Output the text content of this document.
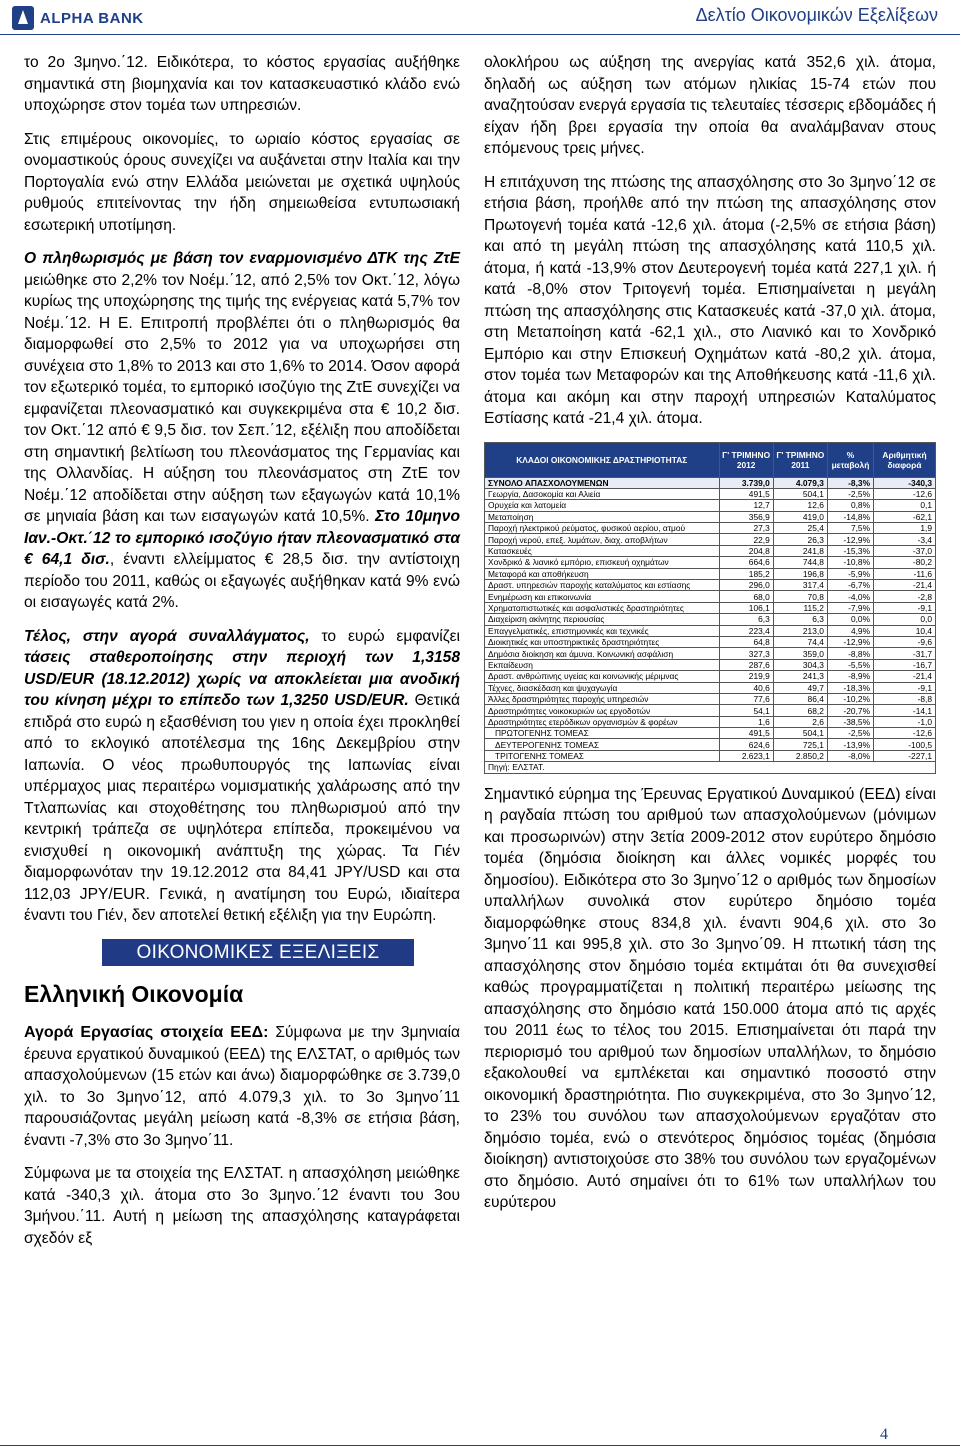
ALPHA BANK	Δελτίο Οικονομικών Εξελίξεων

το 2ο 3μηνο.΄12. Ειδικότερα, το κόστος εργασίας αυξήθηκε σημαντικά στη βιομηχανία και τον κατασκευαστικό κλάδο ενώ υποχώρησε στον τομέα των υπηρεσιών.

Στις επιμέρους οικονομίες, το ωριαίο κόστος εργασίας σε ονομαστικούς όρους συνεχίζει να αυξάνεται στην Ιταλία και την Πορτογαλία ενώ στην Ελλάδα μειώνεται με σχετικά υψηλούς ρυθμούς επιτείνοντας την ήδη σημειωθείσα εντυπωσιακή εσωτερική υποτίμηση.

Ο πληθωρισμός με βάση τον εναρμονισμένο ΔΤΚ της ΖτΕ μειώθηκε στο 2,2% τον Νοέμ.΄12, από 2,5% τον Οκτ.΄12, λόγω κυρίως της υποχώρησης της τιμής της ενέργειας κατά 5,7% τον Νοέμ.΄12. Η Ε. Επιτροπή προβλέπει ότι ο πληθωρισμός θα διαμορφωθεί στο 2,5% το 2012 για να υποχωρήσει στη συνέχεια στο 1,8% το 2013 και στο 1,6% το 2014. Όσον αφορά τον εξωτερικό τομέα, το εμπορικό ισοζύγιο της ΖτΕ συνεχίζει να εμφανίζεται πλεονασματικό και συγκεκριμένα στα € 10,2 δισ. τον Οκτ.΄12 από € 9,5 δισ. τον Σεπ.΄12, εξέλιξη που αποδίδεται στη σημαντική βελτίωση του πλεονάσματος της Γερμανίας και της Ολλανδίας. Η αύξηση του πλεονάσματος στη ΖτΕ τον Νοέμ.΄12 αποδίδεται στην αύξηση των εξαγωγών κατά 10,1% σε μηνιαία βάση και των εισαγωγών κατά 10,5%. Στο 10μηνο Ιαν.-Οκτ.΄12 το εμπορικό ισοζύγιο ήταν πλεονασματικό στα € 64,1 δισ., έναντι ελλείμματος € 28,5 δισ. την αντίστοιχη περίοδο του 2011, καθώς οι εξαγωγές αυξήθηκαν κατά 9% ενώ οι εισαγωγές κατά 2%.

Τέλος, στην αγορά συναλλάγματος, το ευρώ εμφανίζει τάσεις σταθεροποίησης στην περιοχή των 1,3158 USD/EUR (18.12.2012) χωρίς να αποκλείεται μια ανοδική του κίνηση μέχρι το επίπεδο των 1,3250 USD/EUR. Θετικά επιδρά στο ευρώ η εξασθένιση του γιεν η οποία έχει προκληθεί από το εκλογικό αποτέλεσμα της 16ης Δεκεμβρίου στην Ιαπωνία. Ο νέος πρωθυπουργός της Ιαπωνίας είναι υπέρμαχος μιας περαιτέρω νομισματικής χαλάρωσης από την Ττλαπωνίας και στοχοθέτησης του πληθωρισμού από την κεντρική τράπεζα σε υψηλότερα επίπεδα, προκειμένου να ενισχυθεί η οικονομική ανάπτυξη της χώρας. Τα Γιέν διαμορφωνόταν την 19.12.2012 στα 84,41 JPY/USD και στα 112,03 JPY/EUR. Γενικά, η ανατίμηση του Ευρώ, ιδιαίτερα έναντι του Γιέν, δεν αποτελεί θετική εξέλιξη για την Ευρώπη.

ΟΙΚΟΝΟΜΙΚΕΣ ΕΞΕΛΙΞΕΙΣ
Ελληνική Οικονομία

Αγορά Εργασίας στοιχεία ΕΕΔ: Σύμφωνα με την 3μηνιαία έρευνα εργατικού δυναμικού (ΕΕΔ) της ΕΛΣΤΑΤ, ο αριθμός των απασχολούμενων (15 ετών και άνω) διαμορφώθηκε σε 3.739,0 χιλ. το 3ο 3μηνο΄12, από 4.079,3 χιλ. το 3ο 3μηνο΄11 παρουσιάζοντας μεγάλη μείωση κατά -8,3% σε ετήσια βάση, έναντι -7,3% στο 3ο 3μηνο΄11.

Σύμφωνα με τα στοιχεία της ΕΛΣΤΑΤ. η απασχόληση μειώθηκε κατά -340,3 χιλ. άτομα στο 3ο 3μηνο.΄12 έναντι του 3ου 3μήνου.΄11. Αυτή η μείωση της απασχόλησης καταγράφεται σχεδόν εξ

ολοκλήρου ως αύξηση της ανεργίας κατά 352,6 χιλ. άτομα, δηλαδή ως αύξηση των ατόμων ηλικίας 15-74 ετών που αναζητούσαν ενεργά εργασία τις τελευταίες τέσσερις εβδομάδες ή είχαν ήδη βρει εργασία την οποία θα αναλάμβαναν στους επόμενους τρεις μήνες.

Η επιτάχυνση της πτώσης της απασχόλησης στο 3ο 3μηνο΄12 σε ετήσια βάση, προήλθε από την πτώση της απασχόλησης στον Πρωτογενή τομέα κατά -12,6 χιλ. άτομα (-2,5% σε ετήσια βάση) και από τη μεγάλη πτώση της απασχόλησης κατά 110,5 χιλ. άτομα, ή κατά -13,9% στον Δευτερογενή τομέα κατά 227,1 χιλ. ή κατά -8,0% στον Τριτογενή τομέα. Επισημαίνεται η μεγάλη πτώση της απασχόλησης στις Κατασκευές κατά -37,0 χιλ. άτομα, στη Μεταποίηση κατά -62,1 χιλ., στο Λιανικό και το Χονδρικό Εμπόριο και στην Επισκευή Οχημάτων κατά -80,2 χιλ. άτομα, στον τομέα των Μεταφορών και της Αποθήκευσης κατά -11,6 χιλ. άτομα και ακόμη και στην παροχή υπηρεσιών Καταλύματος Εστίασης κατά -21,4 χιλ. άτομα.

ΚΛΑΔΟΙ ΟΙΚΟΝΟΜΙΚΗΣ ΔΡΑΣΤΗΡΙΟΤΗΤΑΣ	Γ' ΤΡΙΜΗΝΟ 2012	Γ' ΤΡΙΜΗΝΟ 2011	% μεταβολή	Αριθμητική διαφορά
ΣΥΝΟΛΟ ΑΠΑΣΧΟΛΟΥΜΕΝΩΝ	3.739,0	4.079,3	-8,3%	-340,3
Γεωργία, Δασοκομία και Αλιεία	491,5	504,1	-2,5%	-12,6
Ορυχεία και λατομεία	12,7	12,6	0,8%	0,1
Μεταποίηση	356,9	419,0	-14,8%	-62,1
Παροχή ηλεκτρικού ρεύματος, φυσικού αερίου, ατμού	27,3	25,4	7,5%	1,9
Παροχή νερού, επεξ. λυμάτων, διαχ. αποβλήτων	22,9	26,3	-12,9%	-3,4
Κατασκευές	204,8	241,8	-15,3%	-37,0
Χονδρικό & λιανικό εμπόριο, επισκευή οχημάτων	664,6	744,8	-10,8%	-80,2
Μεταφορά και αποθήκευση	185,2	196,8	-5,9%	-11,6
Δραστ. υπηρεσιών παροχής καταλύματος και εστίασης	296,0	317,4	-6,7%	-21,4
Ενημέρωση και επικοινωνία	68,0	70,8	-4,0%	-2,8
Χρηματοπιστωτικές και ασφαλιστικές δραστηριότητες	106,1	115,2	-7,9%	-9,1
Διαχείριση ακίνητης περιουσίας	6,3	6,3	0,0%	0,0
Επαγγελματικές, επιστημονικές και τεχνικές	223,4	213,0	4,9%	10,4
Διοικητικές και υποστηρικτικές δραστηριότητες	64,8	74,4	-12,9%	-9,6
Δημόσια διοίκηση και άμυνα. Κοινωνική ασφάλιση	327,3	359,0	-8,8%	-31,7
Εκπαίδευση	287,6	304,3	-5,5%	-16,7
Δραστ. ανθρώπινης υγείας και κοινωνικής μέριμνας	219,9	241,3	-8,9%	-21,4
Τέχνες, διασκέδαση και ψυχαγωγία	40,6	49,7	-18,3%	-9,1
Άλλες δραστηριότητες παροχής υπηρεσιών	77,6	86,4	-10,2%	-8,8
Δραστηριότητες νοικοκυριών ως εργοδοτών	54,1	68,2	-20,7%	-14,1
Δραστηριότητες ετερόδικων οργανισμών & φορέων	1,6	2,6	-38,5%	-1,0
ΠΡΩΤΟΓΕΝΗΣ ΤΟΜΕΑΣ	491,5	504,1	-2,5%	-12,6
ΔΕΥΤΕΡΟΓΕΝΗΣ ΤΟΜΕΑΣ	624,6	725,1	-13,9%	-100,5
ΤΡΙΤΟΓΕΝΗΣ ΤΟΜΕΑΣ	2.623,1	2.850,2	-8,0%	-227,1
Πηγή: ΕΛΣΤΑΤ.				

Σημαντικό εύρημα της Έρευνας Εργατικού Δυναμικού (ΕΕΔ) είναι η ραγδαία πτώση του αριθμού των απασχολούμενων (μόνιμων και προσωρινών) στην 3ετία 2009-2012 στον ευρύτερο δημόσιο τομέα (δημόσια διοίκηση και άλλες νομικές μορφές του δημοσίου). Ειδικότερα στο 3ο 3μηνο΄12 ο αριθμός των δημοσίων υπαλλήλων συνολικά στον ευρύτερο δημόσιο τομέα διαμορφώθηκε στους 834,8 χιλ. έναντι 904,6 χιλ. στο 3ο 3μηνο΄11 και 995,8 χιλ. στο 3ο 3μηνο΄09. Η πτωτική τάση της απασχόλησης στον δημόσιο τομέα εκτιμάται ότι θα συνεχισθεί καθώς προγραμματίζεται η πολιτική περαιτέρω μείωσης της απασχόλησης στο δημόσιο κατά 150.000 άτομα από τις αρχές του 2011 έως το τέλος του 2015. Επισημαίνεται ότι παρά την περιορισμό του αριθμού των δημοσίων υπαλλήλων, το δημόσιο εξακολουθεί να εμπλέκεται και σημαντικό ποσοστό στην οικονομική δραστηριότητα. Πιο συγκεκριμένα, στο 3ο 3μηνο΄12, το 23% του συνόλου των απασχολούμενων εργαζόταν στο δημόσιο τομέα, ενώ ο στενότερος δημόσιος τομέας (δημόσια διοίκηση) αντιστοιχούσε στο 38% του συνόλου των εργαζομένων στο δημόσιο. Αυτό σημαίνει ότι το 61% των υπαλλήλων του ευρύτερου

4
